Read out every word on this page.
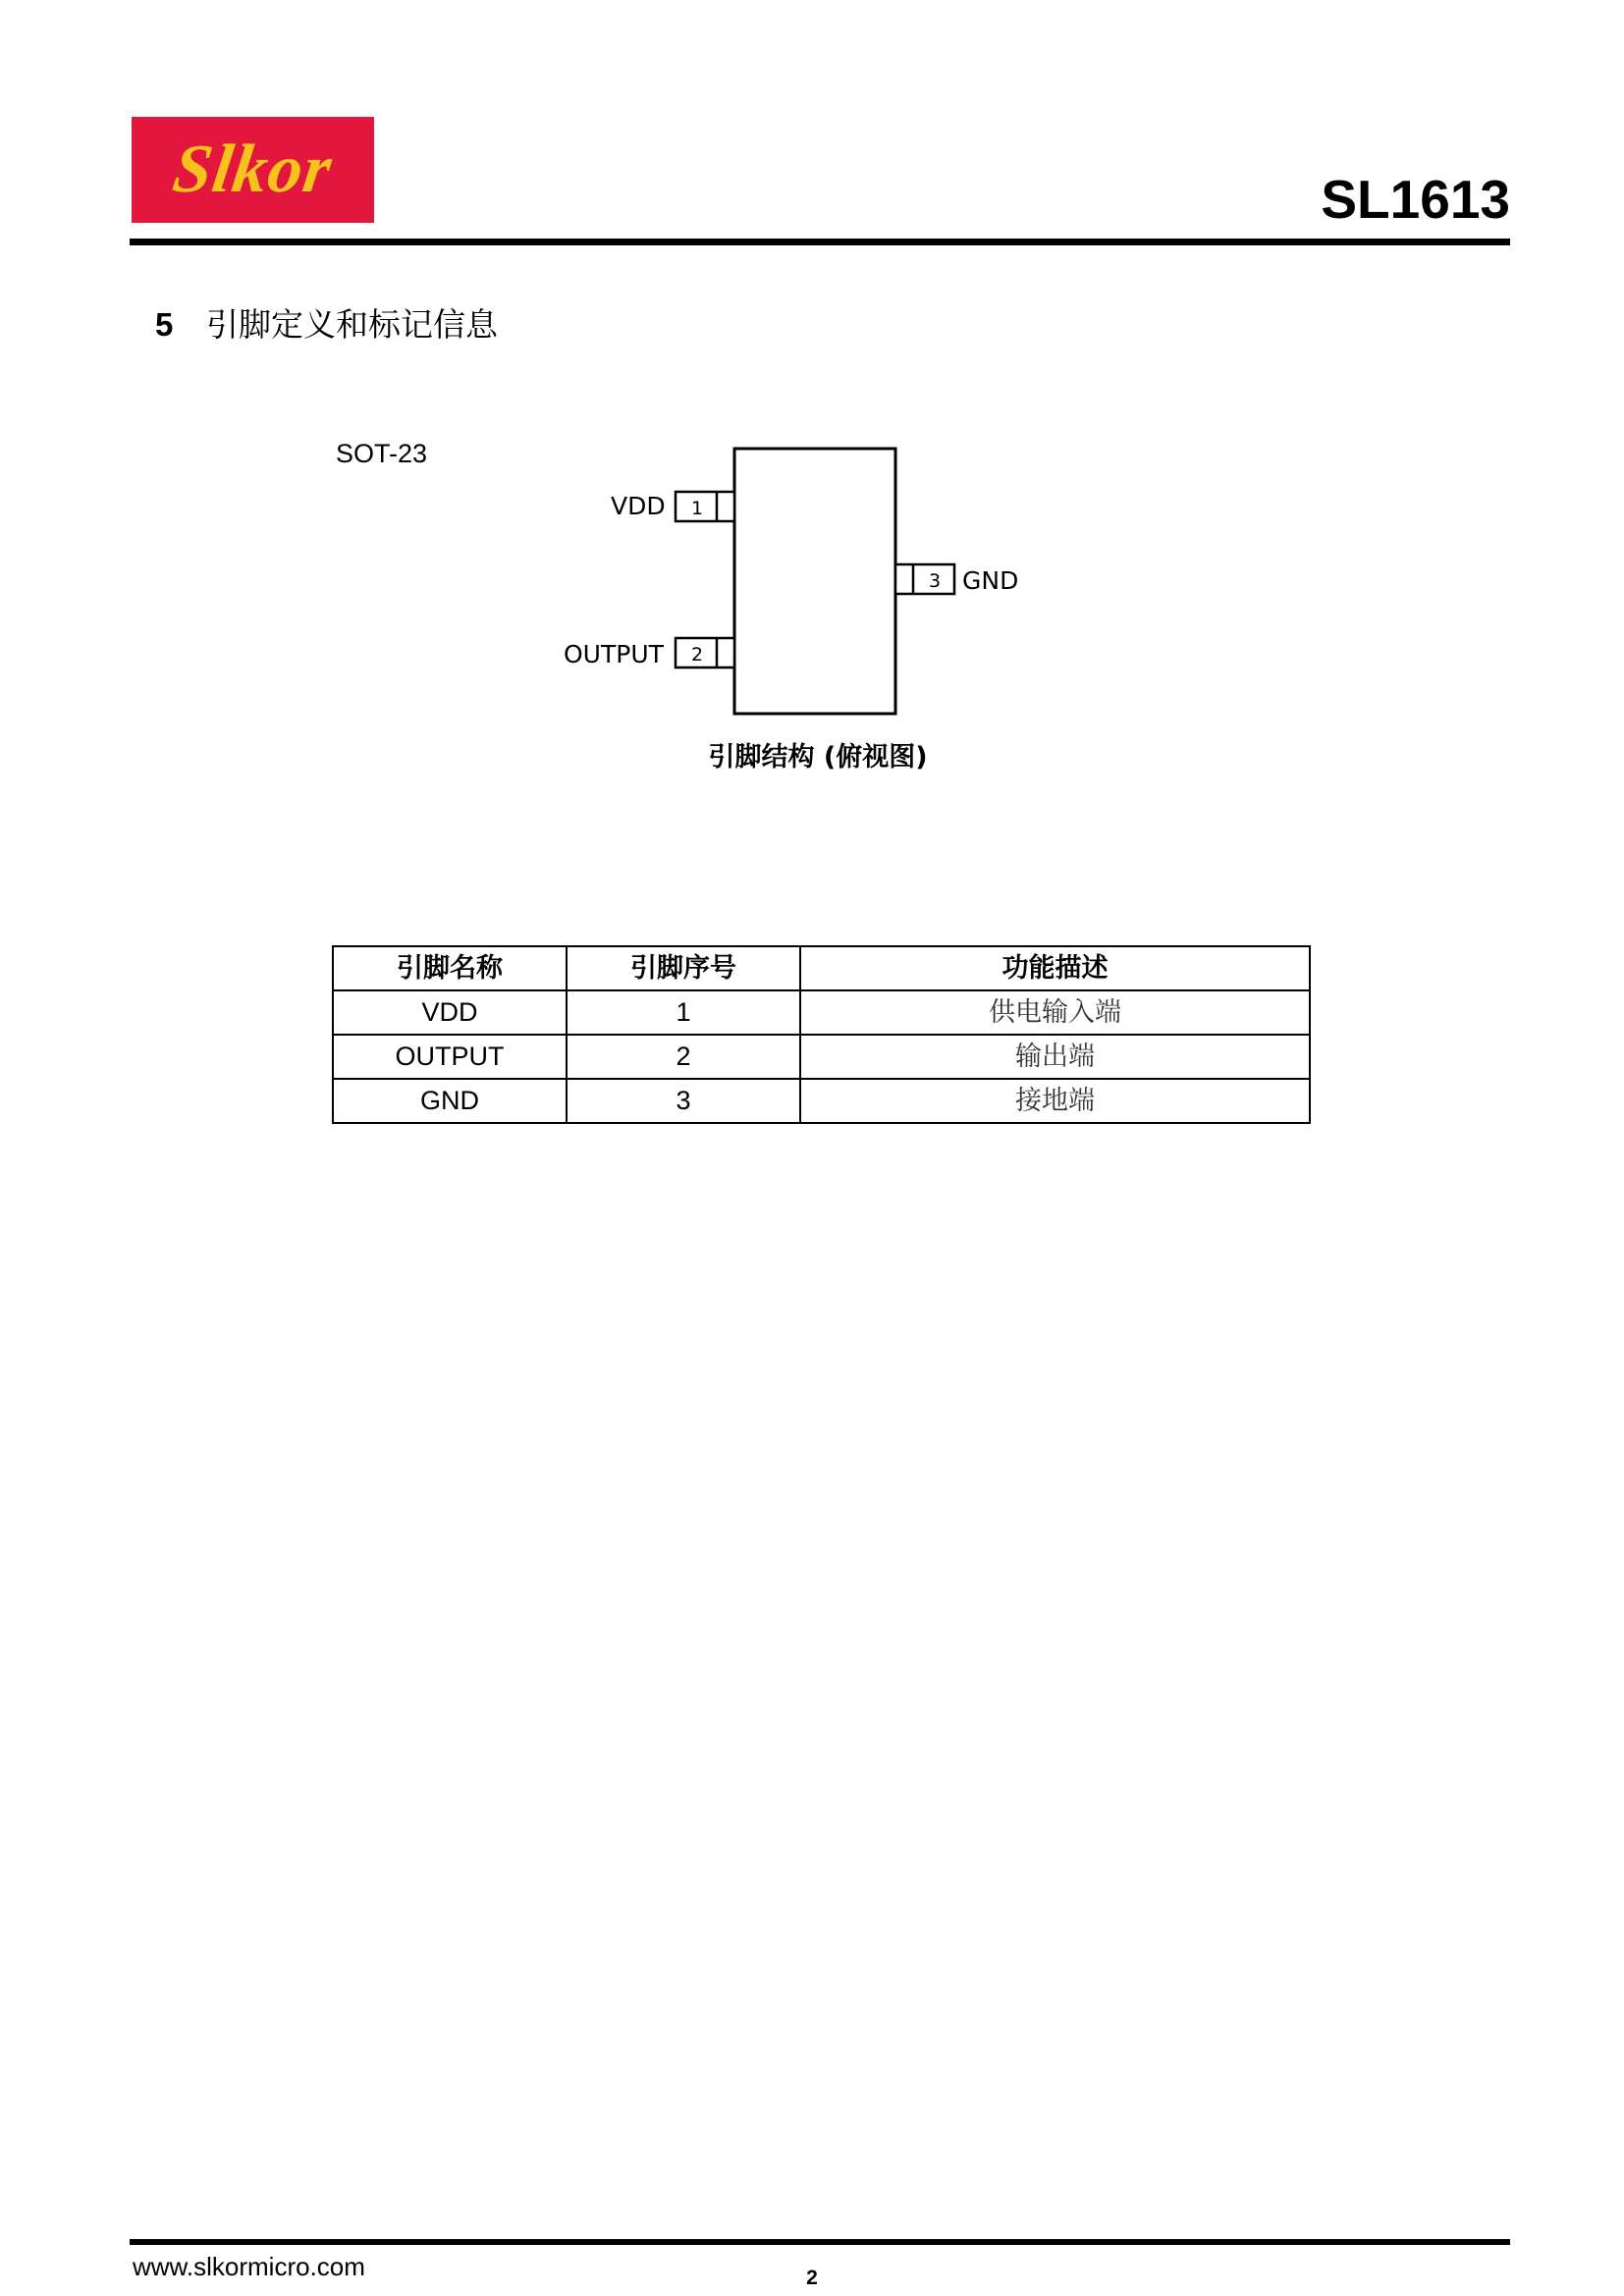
Slkor	SL1613
5	引脚定义和标记信息
SOT-23
1
2
3
VDD
OUTPUT
GND
引脚结构 (俯视图)
引脚名称	引脚序号	功能描述
VDD	1	供电输入端
OUTPUT	2	输出端
GND	3	接地端
www.slkormicro.com	2
